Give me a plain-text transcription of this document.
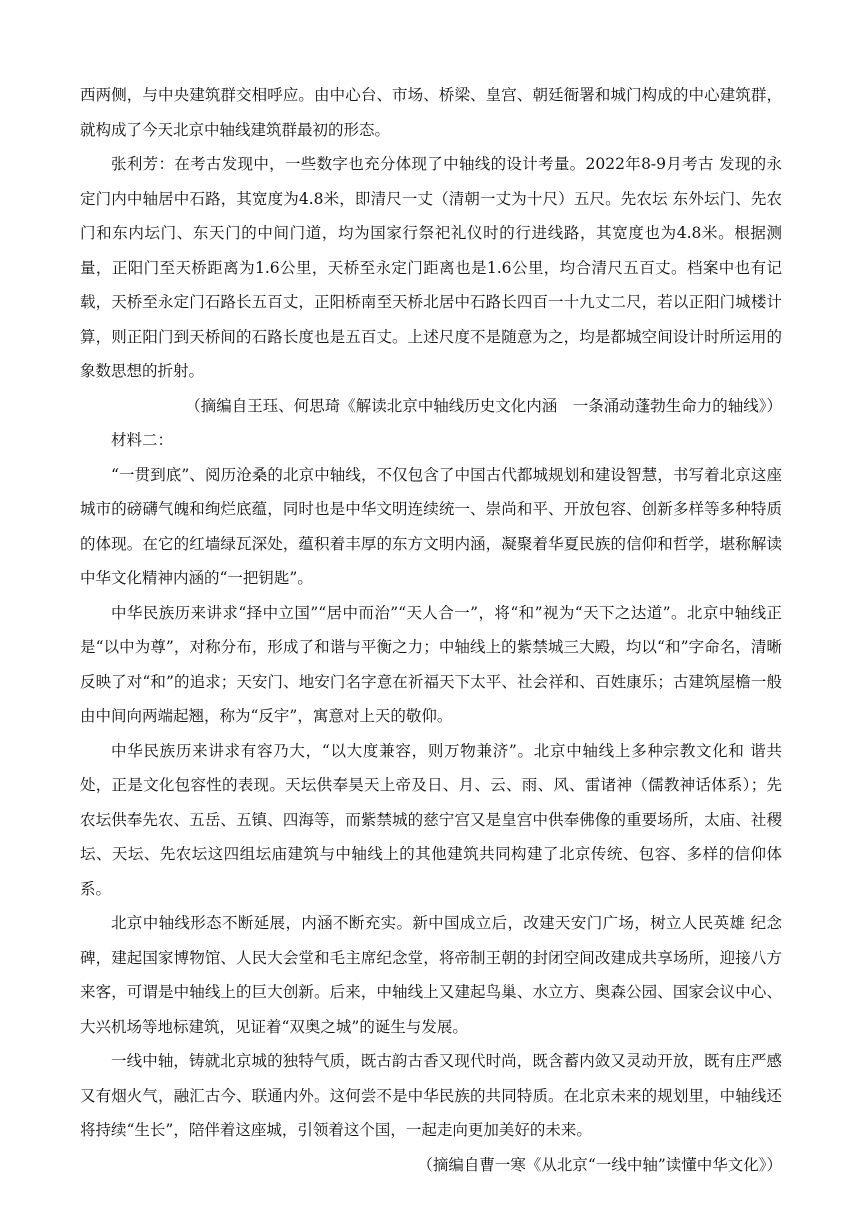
西两侧，与中央建筑群交相呼应。由中心台、市场、桥梁、皇宫、朝廷衙署和城门构成的中心建筑群，就构成了今天北京中轴线建筑群最初的形态。

张利芳：在考古发现中，一些数字也充分体现了中轴线的设计考量。2022年8-9月考古 发现的永定门内中轴居中石路，其宽度为4.8米，即清尺一丈（清朝一丈为十尺）五尺。先农坛 东外坛门、先农门和东内坛门、东天门的中间门道，均为国家行祭祀礼仪时的行进线路，其宽度也为4.8米。根据测量，正阳门至天桥距离为1.6公里，天桥至永定门距离也是1.6公里，均合清尺五百丈。档案中也有记载，天桥至永定门石路长五百丈，正阳桥南至天桥北居中石路长四百一十九丈二尺，若以正阳门城楼计算，则正阳门到天桥间的石路长度也是五百丈。上述尺度不是随意为之，均是都城空间设计时所运用的象数思想的折射。

（摘编自王珏、何思琦《解读北京中轴线历史文化内涵　一条涌动蓬勃生命力的轴线》）

材料二：

“一贯到底”、阅历沧桑的北京中轴线，不仅包含了中国古代都城规划和建设智慧，书写着北京这座城市的磅礴气魄和绚烂底蕴，同时也是中华文明连续统一、崇尚和平、开放包容、创新多样等多种特质的体现。在它的红墙绿瓦深处，蕴积着丰厚的东方文明内涵，凝聚着华夏民族的信仰和哲学，堪称解读中华文化精神内涵的“一把钥匙”。

中华民族历来讲求“择中立国”“居中而治”“天人合一”，将“和”视为“天下之达道”。北京中轴线正是“以中为尊”，对称分布，形成了和谐与平衡之力；中轴线上的紫禁城三大殿，均以“和”字命名，清晰反映了对“和”的追求；天安门、地安门名字意在祈福天下太平、社会祥和、百姓康乐；古建筑屋檐一般由中间向两端起翘，称为“反宇”，寓意对上天的敬仰。

中华民族历来讲求有容乃大，“以大度兼容，则万物兼济”。北京中轴线上多种宗教文化和 谐共处，正是文化包容性的表现。天坛供奉昊天上帝及日、月、云、雨、风、雷诸神（儒教神话体系）；先农坛供奉先农、五岳、五镇、四海等，而紫禁城的慈宁宫又是皇宫中供奉佛像的重要场所，太庙、社稷坛、天坛、先农坛这四组坛庙建筑与中轴线上的其他建筑共同构建了北京传统、包容、多样的信仰体系。

北京中轴线形态不断延展，内涵不断充实。新中国成立后，改建天安门广场，树立人民英雄 纪念碑，建起国家博物馆、人民大会堂和毛主席纪念堂，将帝制王朝的封闭空间改建成共享场所，迎接八方来客，可谓是中轴线上的巨大创新。后来，中轴线上又建起鸟巢、水立方、奥森公园、国家会议中心、大兴机场等地标建筑，见证着“双奥之城”的诞生与发展。

一线中轴，铸就北京城的独特气质，既古韵古香又现代时尚，既含蓄内敛又灵动开放，既有庄严感又有烟火气，融汇古今、联通内外。这何尝不是中华民族的共同特质。在北京未来的规划里，中轴线还将持续“生长”，陪伴着这座城，引领着这个国，一起走向更加美好的未来。

（摘编自曹一寒《从北京“一线中轴”读懂中华文化》）
